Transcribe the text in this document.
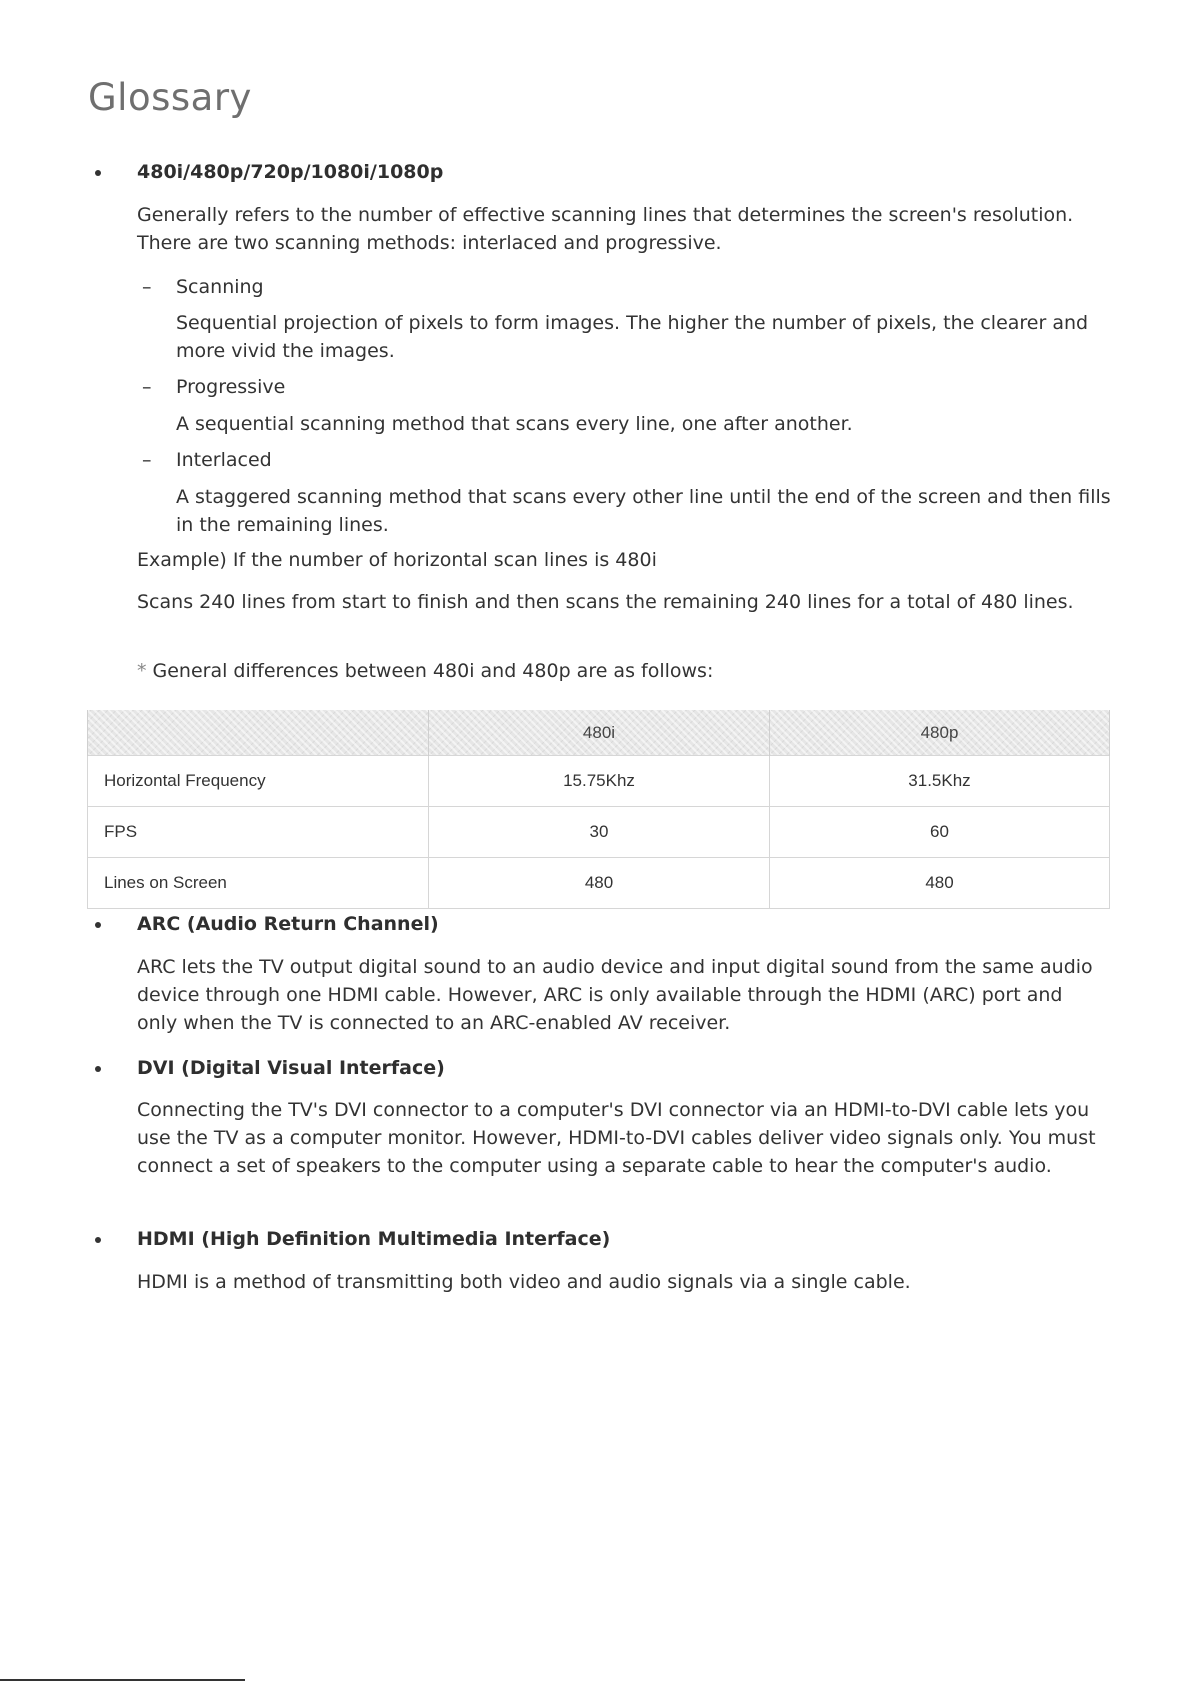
Glossary
480i/480p/720p/1080i/1080p

Generally refers to the number of effective scanning lines that determines the screen's resolution. There are two scanning methods: interlaced and progressive.

– Scanning

Sequential projection of pixels to form images. The higher the number of pixels, the clearer and more vivid the images.

– Progressive

A sequential scanning method that scans every line, one after another.

– Interlaced

A staggered scanning method that scans every other line until the end of the screen and then fills in the remaining lines.

Example) If the number of horizontal scan lines is 480i

Scans 240 lines from start to finish and then scans the remaining 240 lines for a total of 480 lines.

* General differences between 480i and 480p are as follows:

	480i	480p
Horizontal Frequency	15.75Khz	31.5Khz
FPS	30	60
Lines on Screen	480	480
ARC (Audio Return Channel)

ARC lets the TV output digital sound to an audio device and input digital sound from the same audio device through one HDMI cable. However, ARC is only available through the HDMI (ARC) port and only when the TV is connected to an ARC-enabled AV receiver.

DVI (Digital Visual Interface)

Connecting the TV's DVI connector to a computer's DVI connector via an HDMI-to-DVI cable lets you use the TV as a computer monitor. However, HDMI-to-DVI cables deliver video signals only. You must connect a set of speakers to the computer using a separate cable to hear the computer's audio.

HDMI (High Definition Multimedia Interface)

HDMI is a method of transmitting both video and audio signals via a single cable.
